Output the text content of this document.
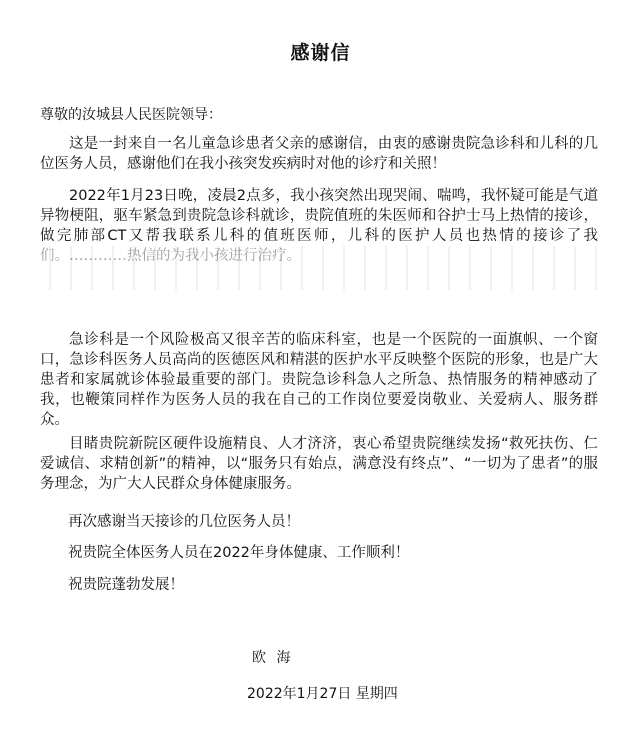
感谢信
尊敬的汝城县人民医院领导：

这是一封来自一名儿童急诊患者父亲的感谢信，由衷的感谢贵院急诊科和儿科的几位医务人员，感谢他们在我小孩突发疾病时对他的诊疗和关照！

2022年1月23日晚，凌晨2点多，我小孩突然出现哭闹、喘鸣，我怀疑可能是气道异物梗阻，驱车紧急到贵院急诊科就诊，贵院值班的朱医师和谷护士马上热情的接诊，做完肺部CT又帮我联系儿科的值班医师，儿科的医护人员也热情的接诊了我

急诊科是一个风险极高又很辛苦的临床科室，也是一个医院的一面旗帜、一个窗口，急诊科医务人员高尚的医德医风和精湛的医护水平反映整个医院的形象，也是广大患者和家属就诊体验最重要的部门。贵院急诊科急人之所急、热情服务的精神感动了我，也鞭策同样作为医务人员的我在自己的工作岗位要爱岗敬业、关爱病人、服务群众。

目睹贵院新院区硬件设施精良、人才济济，衷心希望贵院继续发扬“救死扶伤、仁爱诚信、求精创新”的精神，以“服务只有始点，满意没有终点”、“一切为了患者”的服务理念，为广大人民群众身体健康服务。

再次感谢当天接诊的几位医务人员！
祝贵院全体医务人员在2022年身体健康、工作顺利！
祝贵院蓬勃发展！
欧 海
2022年1月27日 星期四
